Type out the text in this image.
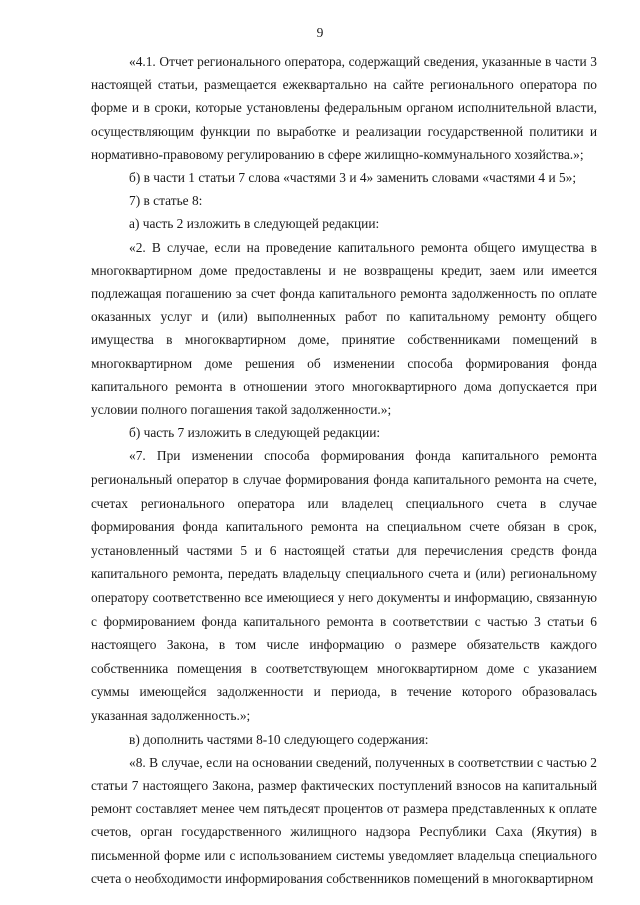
9

«4.1. Отчет регионального оператора, содержащий сведения, указанные в части 3 настоящей статьи, размещается ежеквартально на сайте регионального оператора по форме и в сроки, которые установлены федеральным органом исполнительной власти, осуществляющим функции по выработке и реализации государственной политики и нормативно-правовому регулированию в сфере жилищно-коммунального хозяйства.»;

б) в части 1 статьи 7 слова «частями 3 и 4» заменить словами «частями 4 и 5»;

7) в статье 8:

а) часть 2 изложить в следующей редакции:

«2. В случае, если на проведение капитального ремонта общего имущества в многоквартирном доме предоставлены и не возвращены кредит, заем или имеется подлежащая погашению за счет фонда капитального ремонта задолженность по оплате оказанных услуг и (или) выполненных работ по капитальному ремонту общего имущества в многоквартирном доме, принятие собственниками помещений в многоквартирном доме решения об изменении способа формирования фонда капитального ремонта в отношении этого многоквартирного дома допускается при условии полного погашения такой задолженности.»;

б) часть 7 изложить в следующей редакции:

«7. При изменении способа формирования фонда капитального ремонта региональный оператор в случае формирования фонда капитального ремонта на счете, счетах регионального оператора или владелец специального счета в случае формирования фонда капитального ремонта на специальном счете обязан в срок, установленный частями 5 и 6 настоящей статьи для перечисления средств фонда капитального ремонта, передать владельцу специального счета и (или) региональному оператору соответственно все имеющиеся у него документы и информацию, связанную с формированием фонда капитального ремонта в соответствии с частью 3 статьи 6 настоящего Закона, в том числе информацию о размере обязательств каждого собственника помещения в соответствующем многоквартирном доме с указанием суммы имеющейся задолженности и периода, в течение которого образовалась указанная задолженность.»;

в) дополнить частями 8-10 следующего содержания:

«8. В случае, если на основании сведений, полученных в соответствии с частью 2 статьи 7 настоящего Закона, размер фактических поступлений взносов на капитальный ремонт составляет менее чем пятьдесят процентов от размера представленных к оплате счетов, орган государственного жилищного надзора Республики Саха (Якутия) в письменной форме или с использованием системы уведомляет владельца специального счета о необходимости информирования собственников помещений в многоквартирном
